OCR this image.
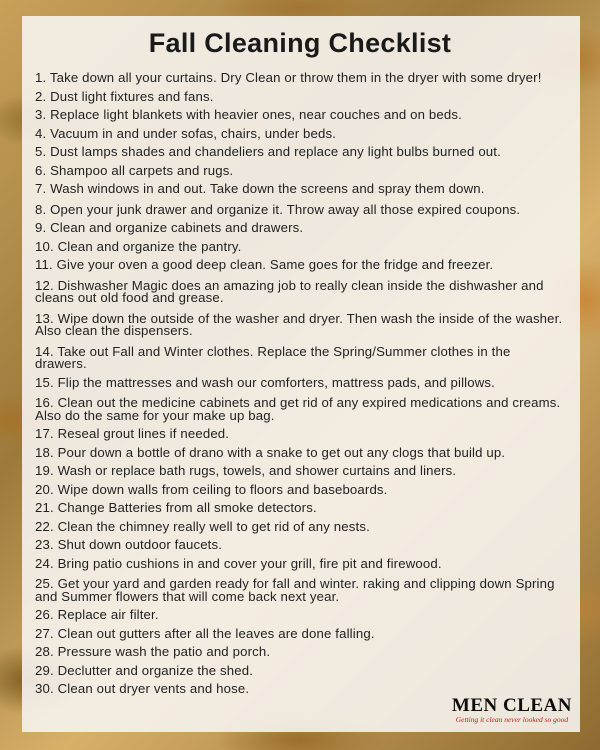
Fall Cleaning Checklist
1. Take down all your curtains. Dry Clean or throw them in the dryer with some dryer!
2. Dust light fixtures and fans.
3. Replace light blankets with heavier ones, near couches and on beds.
4. Vacuum in and under sofas, chairs, under beds.
5. Dust lamps shades and chandeliers and replace any light bulbs burned out.
6. Shampoo all carpets and rugs.
7. Wash windows in and out. Take down the screens and spray them down.
8. Open your junk drawer and organize it. Throw away all those expired coupons.
9. Clean and organize cabinets and drawers.
10. Clean and organize the pantry.
11. Give your oven a good deep clean. Same goes for the fridge and freezer.
12. Dishwasher Magic does an amazing job to really clean inside the dishwasher and cleans out old food and grease.
13. Wipe down the outside of the washer and dryer. Then wash the inside of the washer. Also clean the dispensers.
14. Take out Fall and Winter clothes. Replace the Spring/Summer clothes in the drawers.
15. Flip the mattresses and wash our comforters, mattress pads, and pillows.
16. Clean out the medicine cabinets and get rid of any expired medications and creams. Also do the same for your make up bag.
17. Reseal grout lines if needed.
18. Pour down a bottle of drano with a snake to get out any clogs that build up.
19. Wash or replace bath rugs, towels, and shower curtains and liners.
20. Wipe down walls from ceiling to floors and baseboards.
21. Change Batteries from all smoke detectors.
22. Clean the chimney really well to get rid of any nests.
23. Shut down outdoor faucets.
24. Bring patio cushions in and cover your grill, fire pit and firewood.
25. Get your yard and garden ready for fall and winter. raking and clipping down Spring and Summer flowers that will come back next year.
26. Replace air filter.
27. Clean out gutters after all the leaves are done falling.
28. Pressure wash the patio and porch.
29. Declutter and organize the shed.
30. Clean out dryer vents and hose.
MEN CLEAN
Getting it clean never looked so good
